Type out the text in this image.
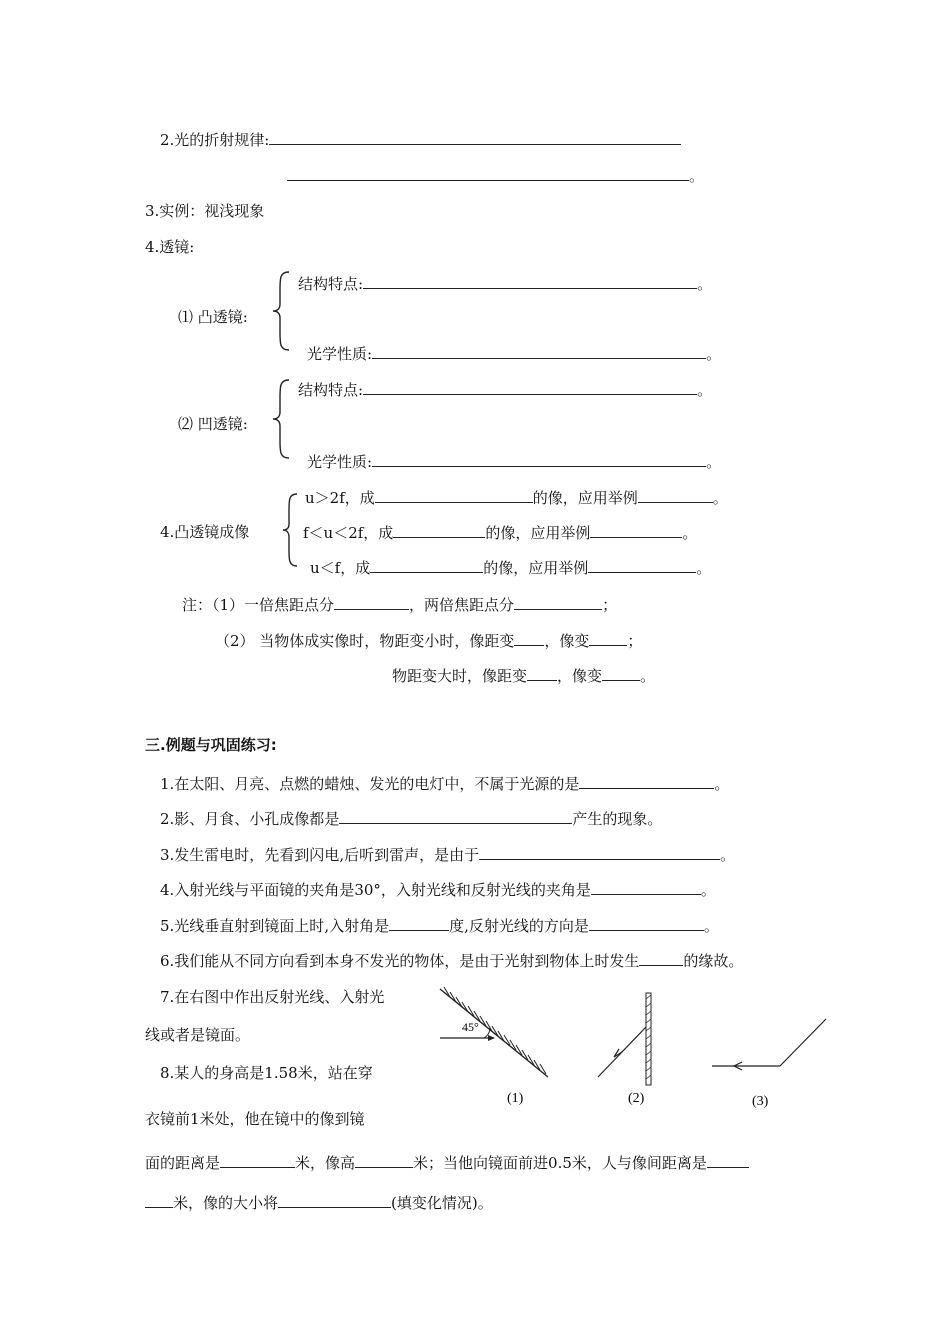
2.光的折射规律:
。
3.实例：视浅现象
4.透镜:
⑴ 凸透镜:
结构特点:	。
光学性质:	。
⑵ 凹透镜:
结构特点:	。
光学性质:	。
4.凸透镜成像
u＞2f，成	的像，应用举例	。
f＜u＜2f，成	的像，应用举例	。
u＜f，成	的像，应用举例	。
注：（1）一倍焦距点分	，两倍焦距点分	；
（2） 当物体成实像时，物距变小时，像距变 ，像变	；
物距变大时，像距变 ，像变	。
三.例题与巩固练习:
1.在太阳、月亮、点燃的蜡烛、发光的电灯中，不属于光源的是	。
2.影、月食、小孔成像都是	产生的现象。
3.发生雷电时，先看到闪电,后听到雷声，是由于	。
4.入射光线与平面镜的夹角是30°，入射光线和反射光线的夹角是	。
5.光线垂直射到镜面上时,入射角是	度,反射光线的方向是	。
6.我们能从不同方向看到本身不发光的物体，是由于光射到物体上时发生	的缘故。
7.在右图中作出反射光线、入射光
线或者是镜面。
8.某人的身高是1.58米，站在穿
衣镜前1米处，他在镜中的像到镜
面的距离是	米，像高	米；当他向镜面前进0.5米，人与像间距离是
米，像的大小将	(填变化情况)。
45°
(1)	(2)	(3)
